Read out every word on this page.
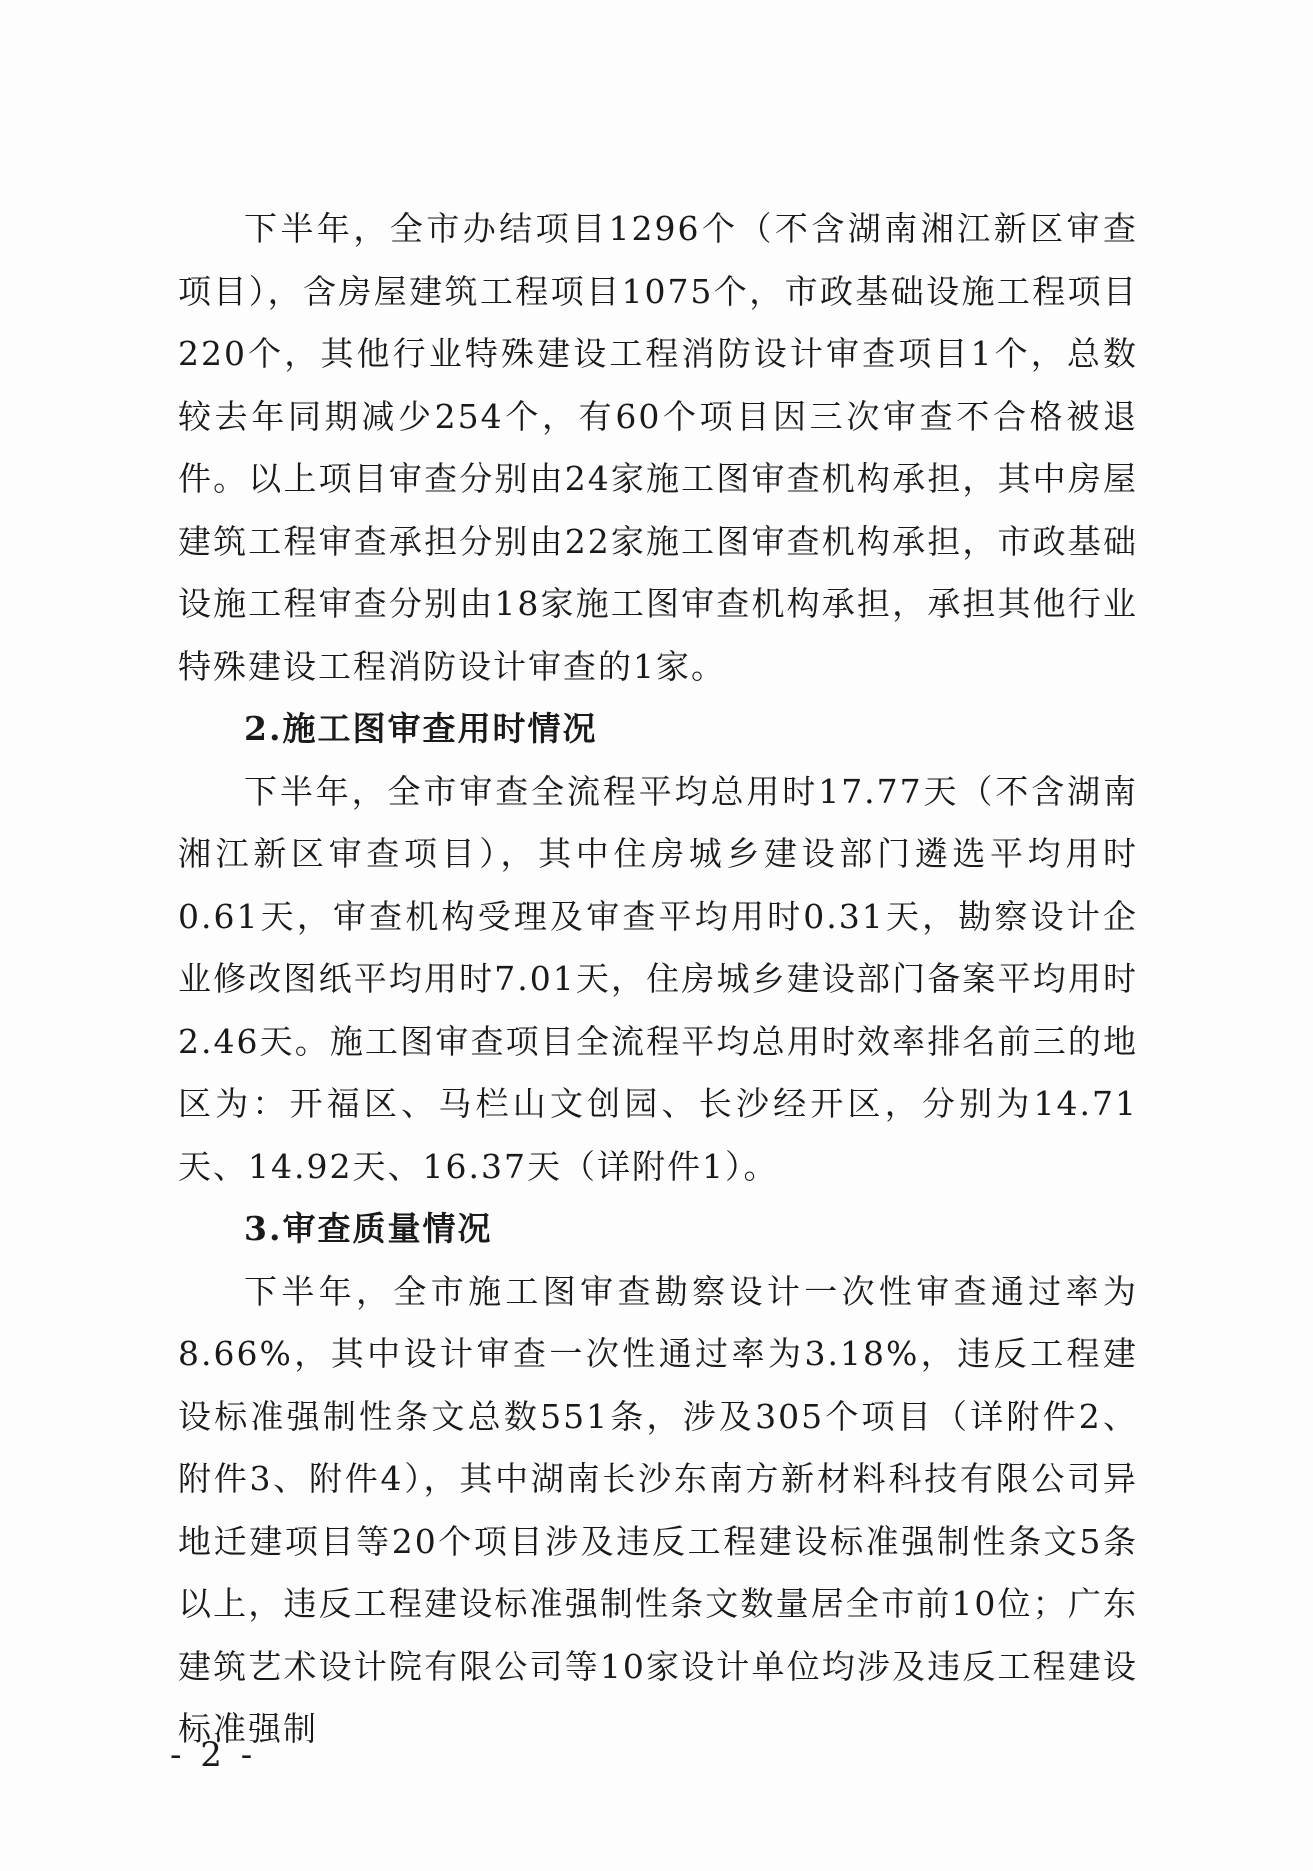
下半年，全市办结项目1296个（不含湖南湘江新区审查项目），含房屋建筑工程项目1075个，市政基础设施工程项目220个，其他行业特殊建设工程消防设计审查项目1个，总数较去年同期减少254个，有60个项目因三次审查不合格被退件。以上项目审查分别由24家施工图审查机构承担，其中房屋建筑工程审查承担分别由22家施工图审查机构承担，市政基础设施工程审查分别由18家施工图审查机构承担，承担其他行业特殊建设工程消防设计审查的1家。

2.施工图审查用时情况

下半年，全市审查全流程平均总用时17.77天（不含湖南湘江新区审查项目），其中住房城乡建设部门遴选平均用时0.61天，审查机构受理及审查平均用时0.31天，勘察设计企业修改图纸平均用时7.01天，住房城乡建设部门备案平均用时2.46天。施工图审查项目全流程平均总用时效率排名前三的地区为：开福区、马栏山文创园、长沙经开区，分别为14.71天、14.92天、16.37天（详附件1）。

3.审查质量情况

下半年，全市施工图审查勘察设计一次性审查通过率为8.66%，其中设计审查一次性通过率为3.18%，违反工程建设标准强制性条文总数551条，涉及305个项目（详附件2、附件3、附件4），其中湖南长沙东南方新材料科技有限公司异地迁建项目等20个项目涉及违反工程建设标准强制性条文5条以上，违反工程建设标准强制性条文数量居全市前10位；广东建筑艺术设计院有限公司等10家设计单位均涉及违反工程建设标准强制

- 2 -
